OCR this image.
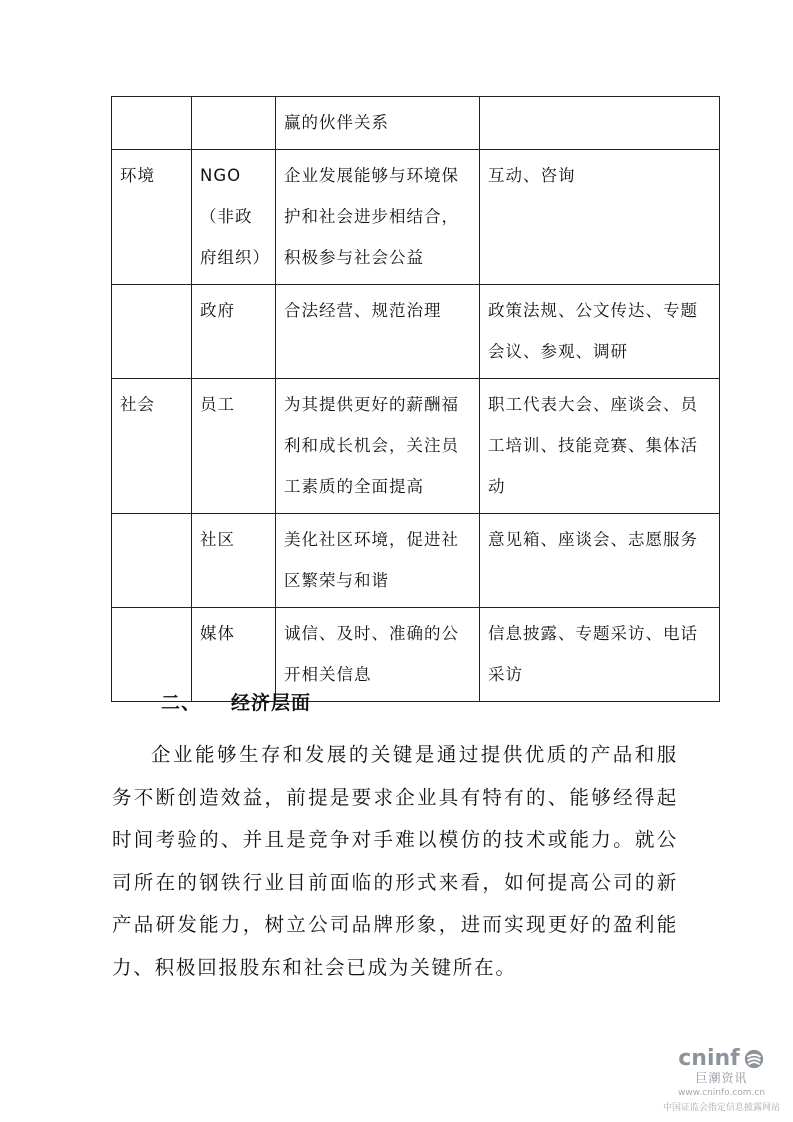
		赢的伙伴关系	
环境	NGO（非政府组织）	企业发展能够与环境保护和社会进步相结合，积极参与社会公益	互动、咨询
	政府	合法经营、规范治理	政策法规、公文传达、专题会议、参观、调研
社会	员工	为其提供更好的薪酬福利和成长机会，关注员工素质的全面提高	职工代表大会、座谈会、员工培训、技能竞赛、集体活动
	社区	美化社区环境，促进社区繁荣与和谐	意见箱、座谈会、志愿服务
	媒体	诚信、及时、准确的公开相关信息	信息披露、专题采访、电话采访
二、 经济层面

企业能够生存和发展的关键是通过提供优质的产品和服务不断创造效益，前提是要求企业具有特有的、能够经得起时间考验的、并且是竞争对手难以模仿的技术或能力。就公司所在的钢铁行业目前面临的形式来看，如何提高公司的新产品研发能力，树立公司品牌形象，进而实现更好的盈利能力、积极回报股东和社会已成为关键所在。

cninf
巨潮资讯
www.cninfo.com.cn
中国证监会指定信息披露网站
